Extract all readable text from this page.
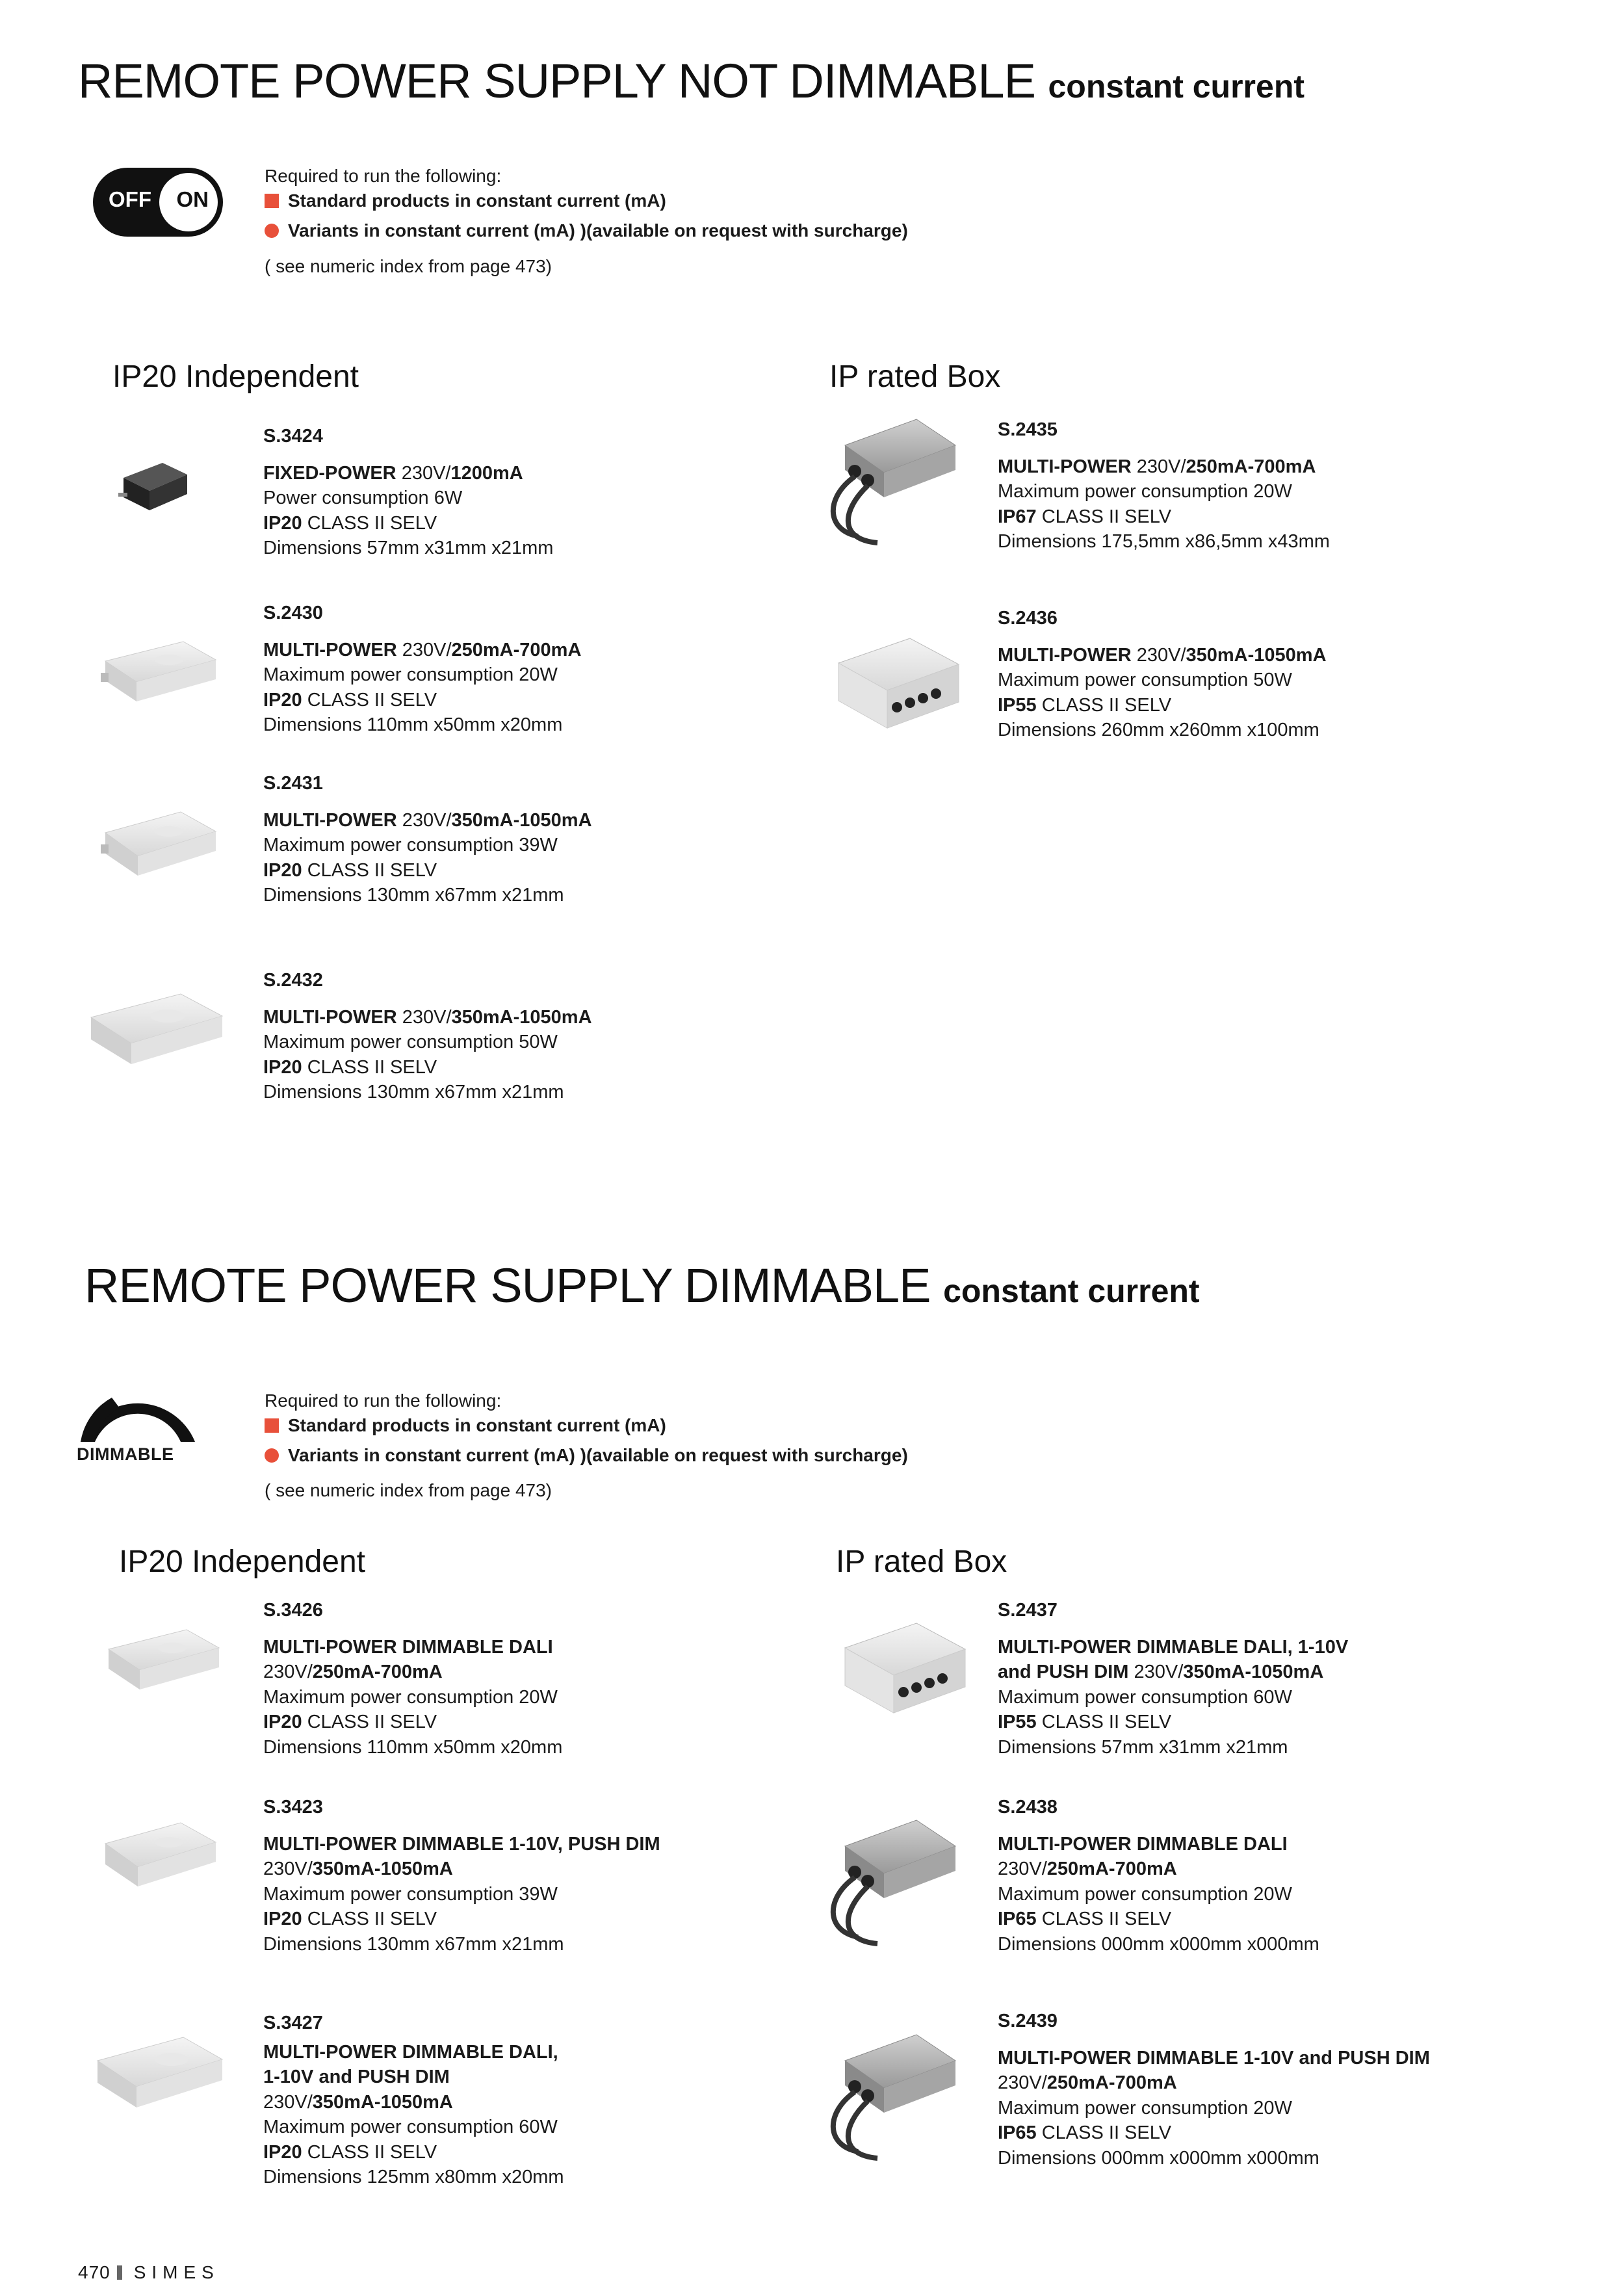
REMOTE POWER SUPPLY NOT DIMMABLE constant current
OFF ON
Required to run the following:
Standard products in constant current (mA)
Variants in constant current (mA) )(available on request with surcharge)
( see numeric index from page 473)
IP20 Independent	IP rated Box
S.3424
FIXED-POWER 230V/1200mA
Power consumption 6W
IP20 CLASS II SELV
Dimensions 57mm x31mm x21mm
S.2430
MULTI-POWER 230V/250mA-700mA
Maximum power consumption 20W
IP20 CLASS II SELV
Dimensions 110mm x50mm x20mm
S.2431
MULTI-POWER 230V/350mA-1050mA
Maximum power consumption 39W
IP20 CLASS II SELV
Dimensions 130mm x67mm x21mm
S.2432
MULTI-POWER 230V/350mA-1050mA
Maximum power consumption 50W
IP20 CLASS II SELV
Dimensions 130mm x67mm x21mm
S.2435
MULTI-POWER 230V/250mA-700mA
Maximum power consumption 20W
IP67 CLASS II SELV
Dimensions 175,5mm x86,5mm x43mm
S.2436
MULTI-POWER 230V/350mA-1050mA
Maximum power consumption 50W
IP55 CLASS II SELV
Dimensions 260mm x260mm x100mm
REMOTE POWER SUPPLY DIMMABLE constant current
DIMMABLE
Required to run the following:
Standard products in constant current (mA)
Variants in constant current (mA) )(available on request with surcharge)
( see numeric index from page 473)
IP20 Independent	IP rated Box
S.3426
MULTI-POWER DIMMABLE DALI
230V/250mA-700mA
Maximum power consumption 20W
IP20 CLASS II SELV
Dimensions 110mm x50mm x20mm
S.3423
MULTI-POWER DIMMABLE 1-10V, PUSH DIM
230V/350mA-1050mA
Maximum power consumption 39W
IP20 CLASS II SELV
Dimensions 130mm x67mm x21mm
S.3427
MULTI-POWER DIMMABLE DALI,
1-10V and PUSH DIM
230V/350mA-1050mA
Maximum power consumption 60W
IP20 CLASS II SELV
Dimensions 125mm x80mm x20mm
S.2437
MULTI-POWER DIMMABLE DALI, 1-10V
and PUSH DIM 230V/350mA-1050mA
Maximum power consumption 60W
IP55 CLASS II SELV
Dimensions 57mm x31mm x21mm
S.2438
MULTI-POWER DIMMABLE DALI
230V/250mA-700mA
Maximum power consumption 20W
IP65 CLASS II SELV
Dimensions 000mm x000mm x000mm
S.2439
MULTI-POWER DIMMABLE 1-10V and PUSH DIM
230V/250mA-700mA
Maximum power consumption 20W
IP65 CLASS II SELV
Dimensions 000mm x000mm x000mm
470 SIMES
